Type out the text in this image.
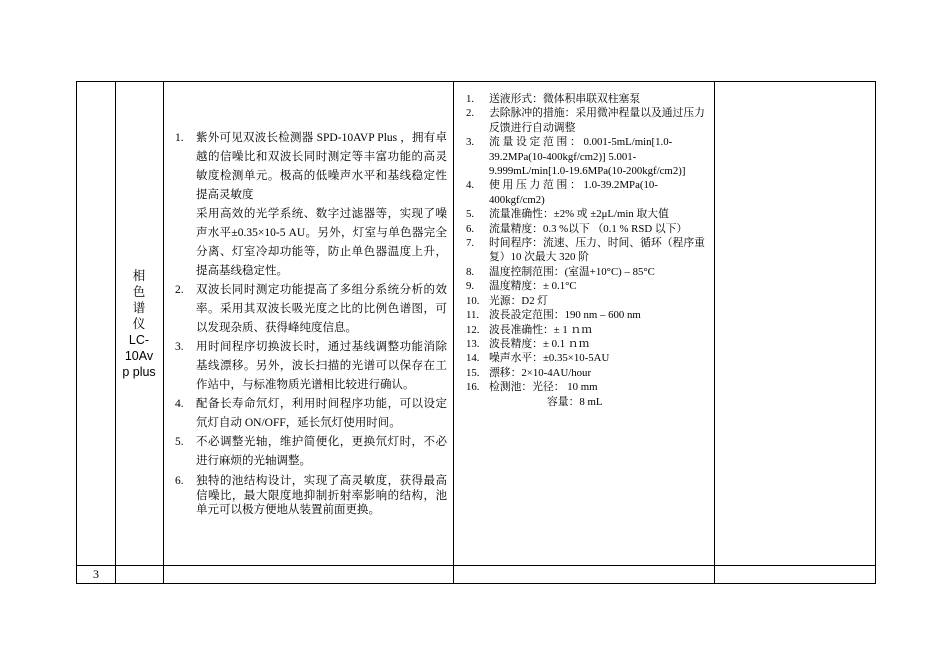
相
色
谱
仪
LC-
10Av
p plus
1. 紫外可见双波长检测器 SPD-10AVP Plus ，拥有卓越的信噪比和双波长同时测定等丰富功能的高灵敏度检测单元。极高的低噪声水平和基线稳定性提高灵敏度
采用高效的光学系统、数字过滤器等，实现了噪声水平±0.35×10-5 AU。另外，灯室与单色器完全分离、灯室冷却功能等，防止单色器温度上升，提高基线稳定性。
2. 双波长同时测定功能提高了多组分系统分析的效率。采用其双波长吸光度之比的比例色谱图，可以发现杂质、获得峰纯度信息。
3. 用时间程序切换波长时，通过基线调整功能消除基线漂移。另外，波长扫描的光谱可以保存在工作站中，与标准物质光谱相比较进行确认。
4. 配备长寿命氘灯，利用时间程序功能，可以设定氘灯自动 ON/OFF，延长氘灯使用时间。
5. 不必调整光轴，维护简便化，更换氘灯时，不必进行麻烦的光轴调整。
6. 独特的池结构设计，实现了高灵敏度，获得最高信噪比，最大限度地抑制折射率影响的结构，池单元可以极方便地从装置前面更换。
1. 送液形式：微体积串联双柱塞泵
2. 去除脉冲的措施：采用微冲程量以及通过压力反馈进行自动调整
3. 流 量 设 定 范 围 ： 0.001-5mL/min[1.0-39.2MPa(10-400kgf/cm2)] 5.001-9.999mL/min[1.0-19.6MPa(10-200kgf/cm2)]
4. 使 用 压 力 范 围 ： 1.0-39.2MPa(10-400kgf/cm2)
5. 流量准确性：±2% 或 ±2μL/min 取大值
6. 流量精度：0.3 %以下 （0.1 % RSD 以下）
7. 时间程序：流速、压力、时间、循环（程序重复）10 次最大 320 阶
8. 温度控制范围：(室温+10°C) – 85°C
9. 温度精度：± 0.1°C
10. 光源：D2 灯
11. 波長設定范围：190 nm – 600 nm
12. 波長准确性：± 1 ｎｍ
13. 波長精度：± 0.1 ｎｍ
14. 噪声水平：±0.35×10-5AU
15. 漂移：2×10-4AU/hour
16. 检测池：光径： 10 mm
容量：8 mL
3
